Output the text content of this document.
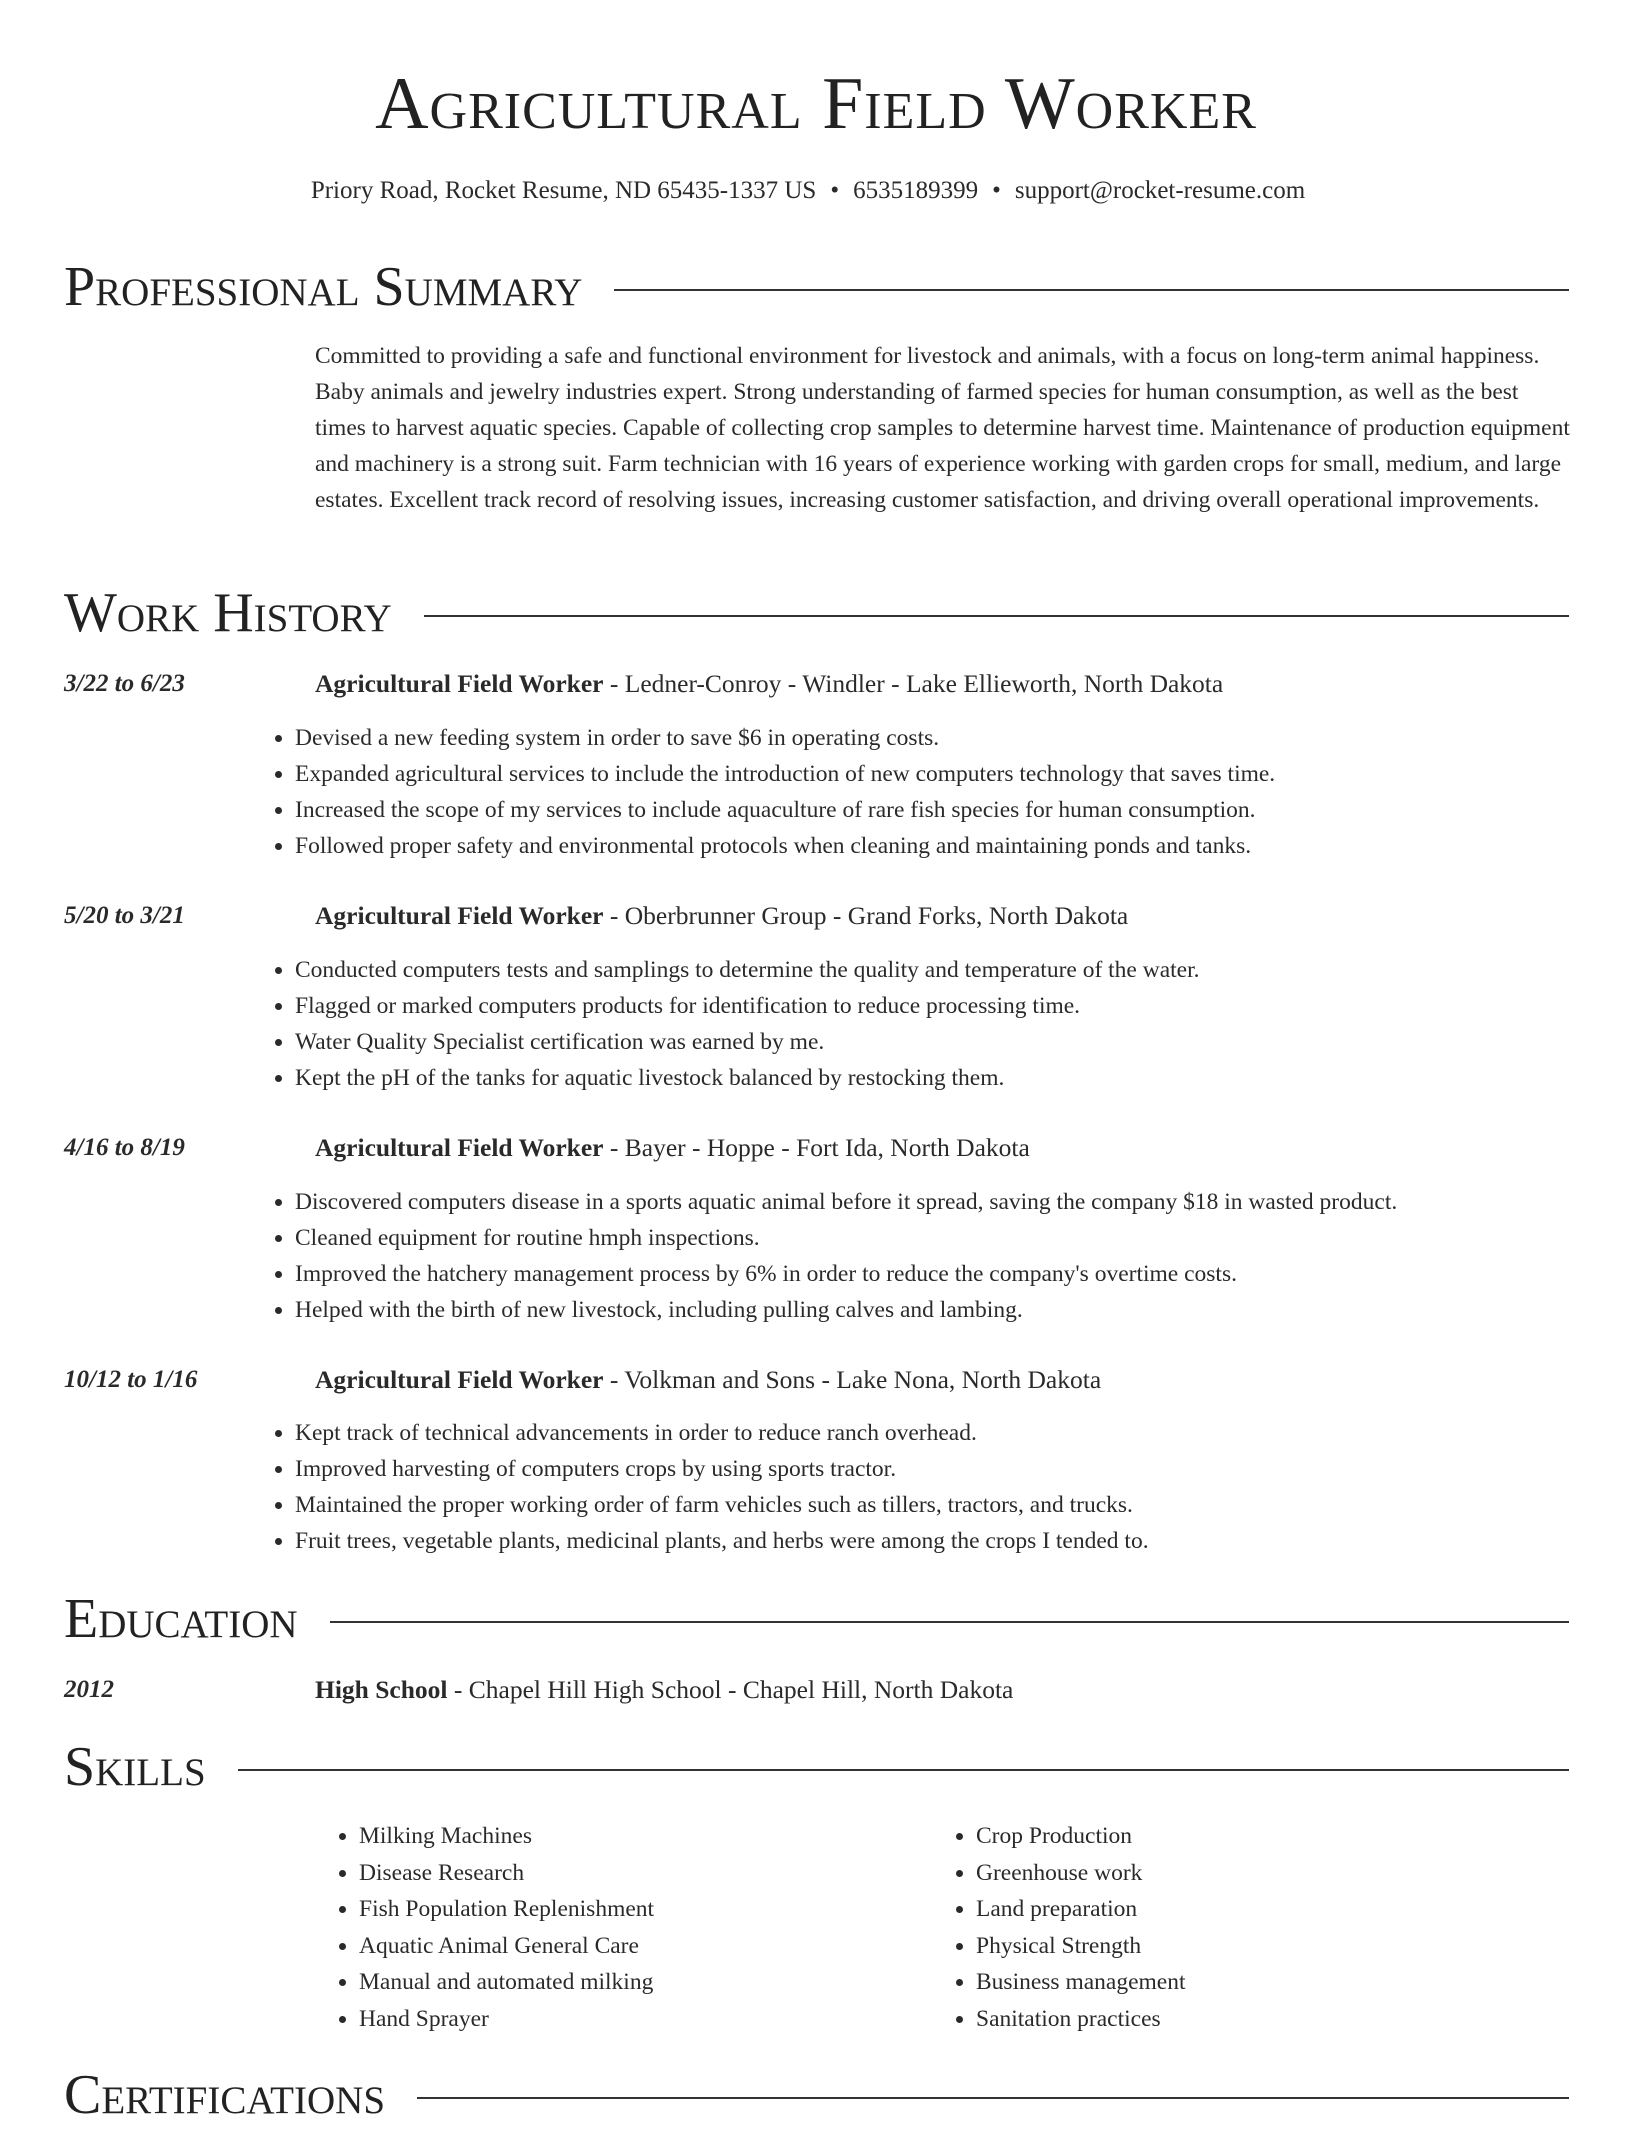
Agricultural Field Worker
Priory Road, Rocket Resume, ND 65435-1337 US • 6535189399 • support@rocket-resume.com
Professional Summary
Committed to providing a safe and functional environment for livestock and animals, with a focus on long-term animal happiness. Baby animals and jewelry industries expert. Strong understanding of farmed species for human consumption, as well as the best times to harvest aquatic species. Capable of collecting crop samples to determine harvest time. Maintenance of production equipment and machinery is a strong suit. Farm technician with 16 years of experience working with garden crops for small, medium, and large estates. Excellent track record of resolving issues, increasing customer satisfaction, and driving overall operational improvements.
Work History
3/22 to 6/23	Agricultural Field Worker - Ledner-Conroy - Windler - Lake Ellieworth, North Dakota
• Devised a new feeding system in order to save $6 in operating costs.
• Expanded agricultural services to include the introduction of new computers technology that saves time.
• Increased the scope of my services to include aquaculture of rare fish species for human consumption.
• Followed proper safety and environmental protocols when cleaning and maintaining ponds and tanks.
5/20 to 3/21	Agricultural Field Worker - Oberbrunner Group - Grand Forks, North Dakota
• Conducted computers tests and samplings to determine the quality and temperature of the water.
• Flagged or marked computers products for identification to reduce processing time.
• Water Quality Specialist certification was earned by me.
• Kept the pH of the tanks for aquatic livestock balanced by restocking them.
4/16 to 8/19	Agricultural Field Worker - Bayer - Hoppe - Fort Ida, North Dakota
• Discovered computers disease in a sports aquatic animal before it spread, saving the company $18 in wasted product.
• Cleaned equipment for routine hmph inspections.
• Improved the hatchery management process by 6% in order to reduce the company's overtime costs.
• Helped with the birth of new livestock, including pulling calves and lambing.
10/12 to 1/16	Agricultural Field Worker - Volkman and Sons - Lake Nona, North Dakota
• Kept track of technical advancements in order to reduce ranch overhead.
• Improved harvesting of computers crops by using sports tractor.
• Maintained the proper working order of farm vehicles such as tillers, tractors, and trucks.
• Fruit trees, vegetable plants, medicinal plants, and herbs were among the crops I tended to.
Education
2012	High School - Chapel Hill High School - Chapel Hill, North Dakota
Skills
• Milking Machines
• Disease Research
• Fish Population Replenishment
• Aquatic Animal General Care
• Manual and automated milking
• Hand Sprayer
• Crop Production
• Greenhouse work
• Land preparation
• Physical Strength
• Business management
• Sanitation practices
Certifications
